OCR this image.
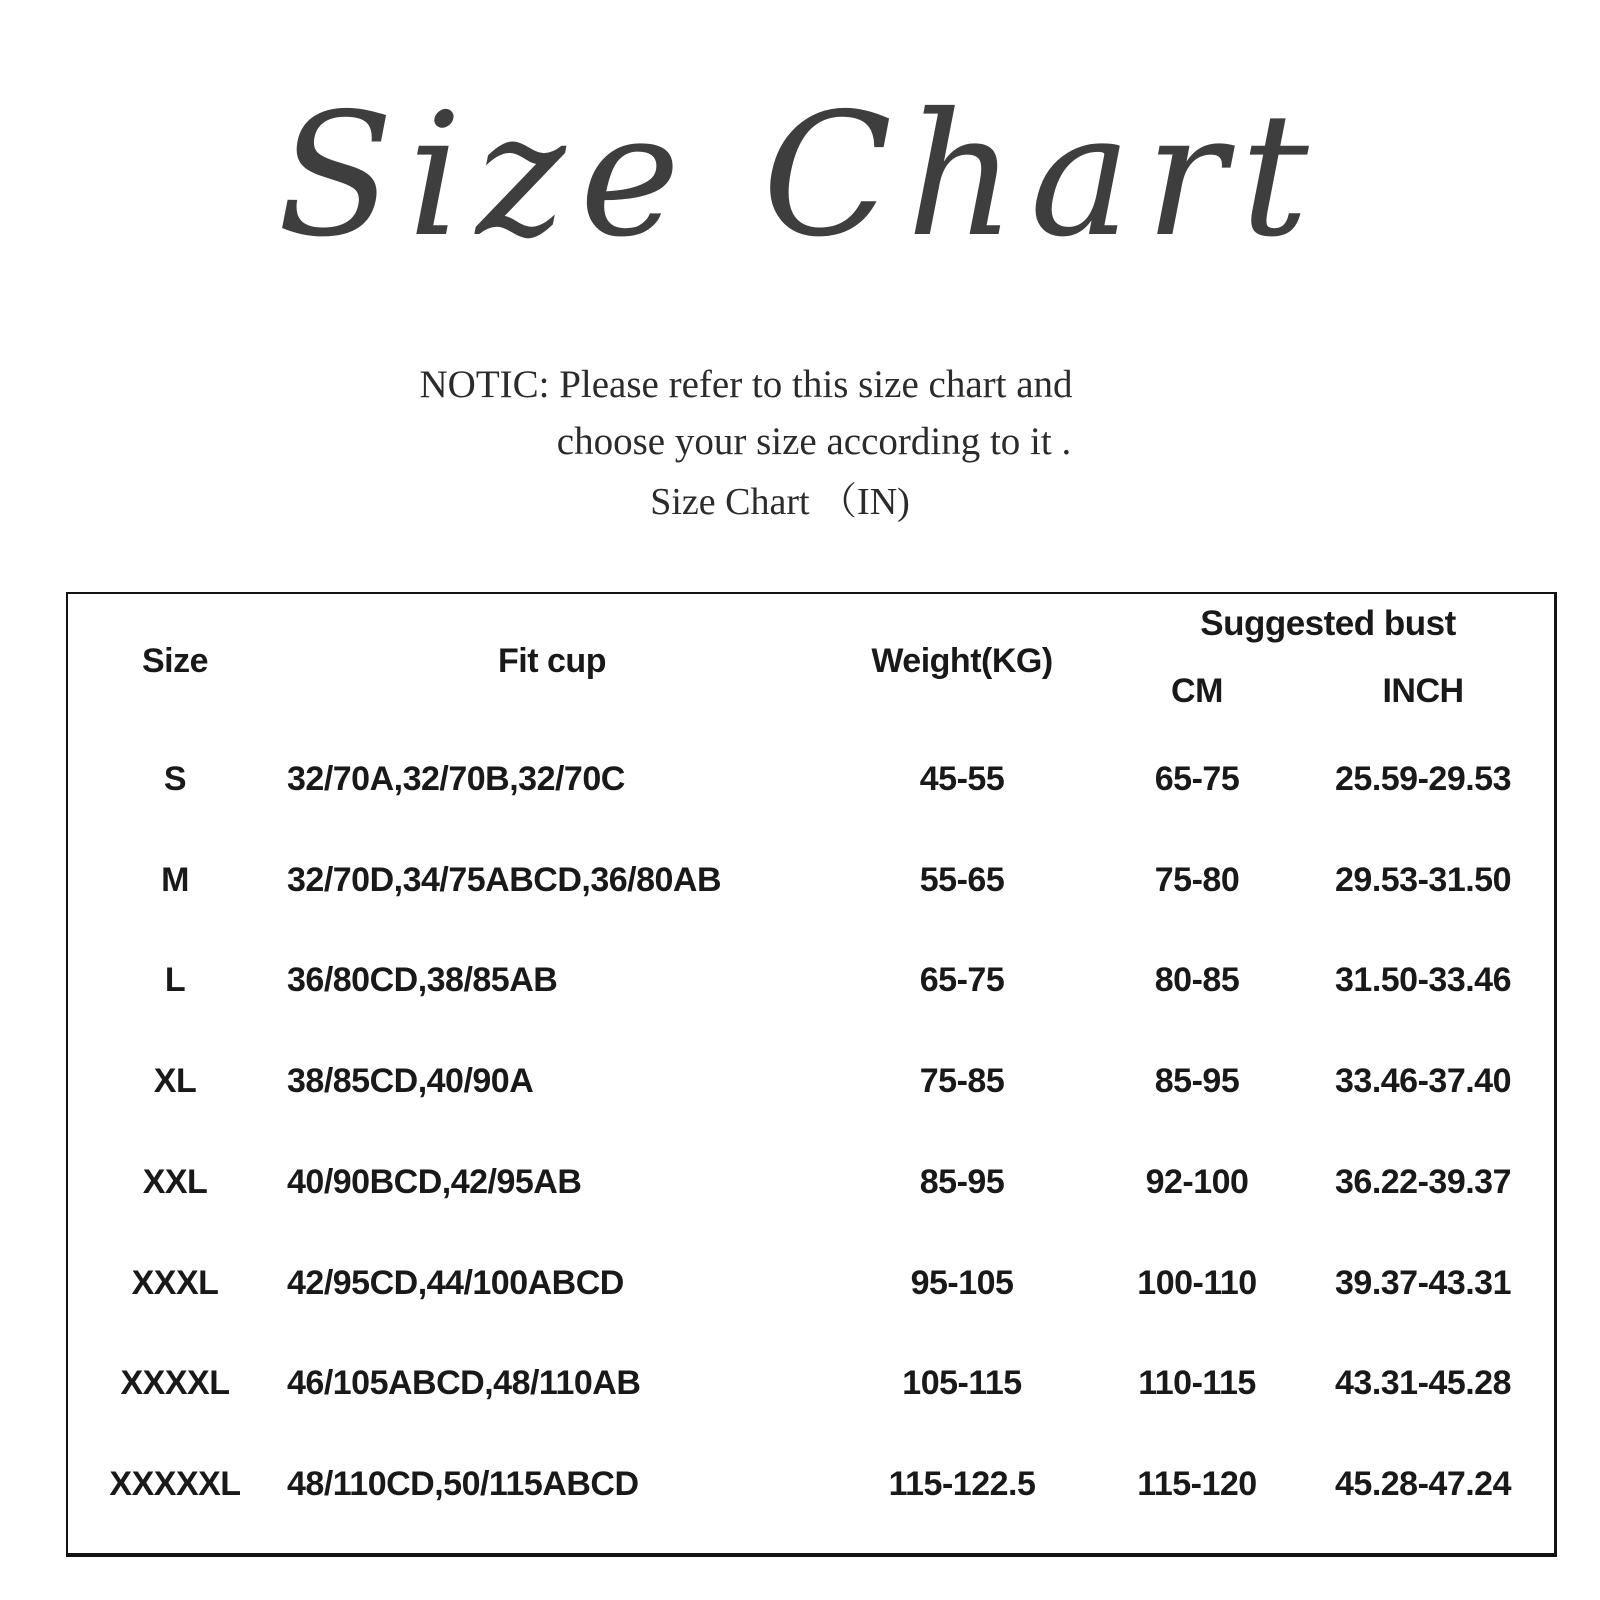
Size Chart
NOTIC: Please refer to this size chart and
choose your size according to it .
Size Chart （IN)
Size	Fit cup	Weight(KG)
Suggested bust
CM	INCH
S	32/70A,32/70B,32/70C	45-55	65-75	25.59-29.53
M	32/70D,34/75ABCD,36/80AB	55-65	75-80	29.53-31.50
L	36/80CD,38/85AB	65-75	80-85	31.50-33.46
XL	38/85CD,40/90A	75-85	85-95	33.46-37.40
XXL	40/90BCD,42/95AB	85-95	92-100	36.22-39.37
XXXL	42/95CD,44/100ABCD	95-105	100-110	39.37-43.31
XXXXL	46/105ABCD,48/110AB	105-115	110-115	43.31-45.28
XXXXXL	48/110CD,50/115ABCD	115-122.5	115-120	45.28-47.24
